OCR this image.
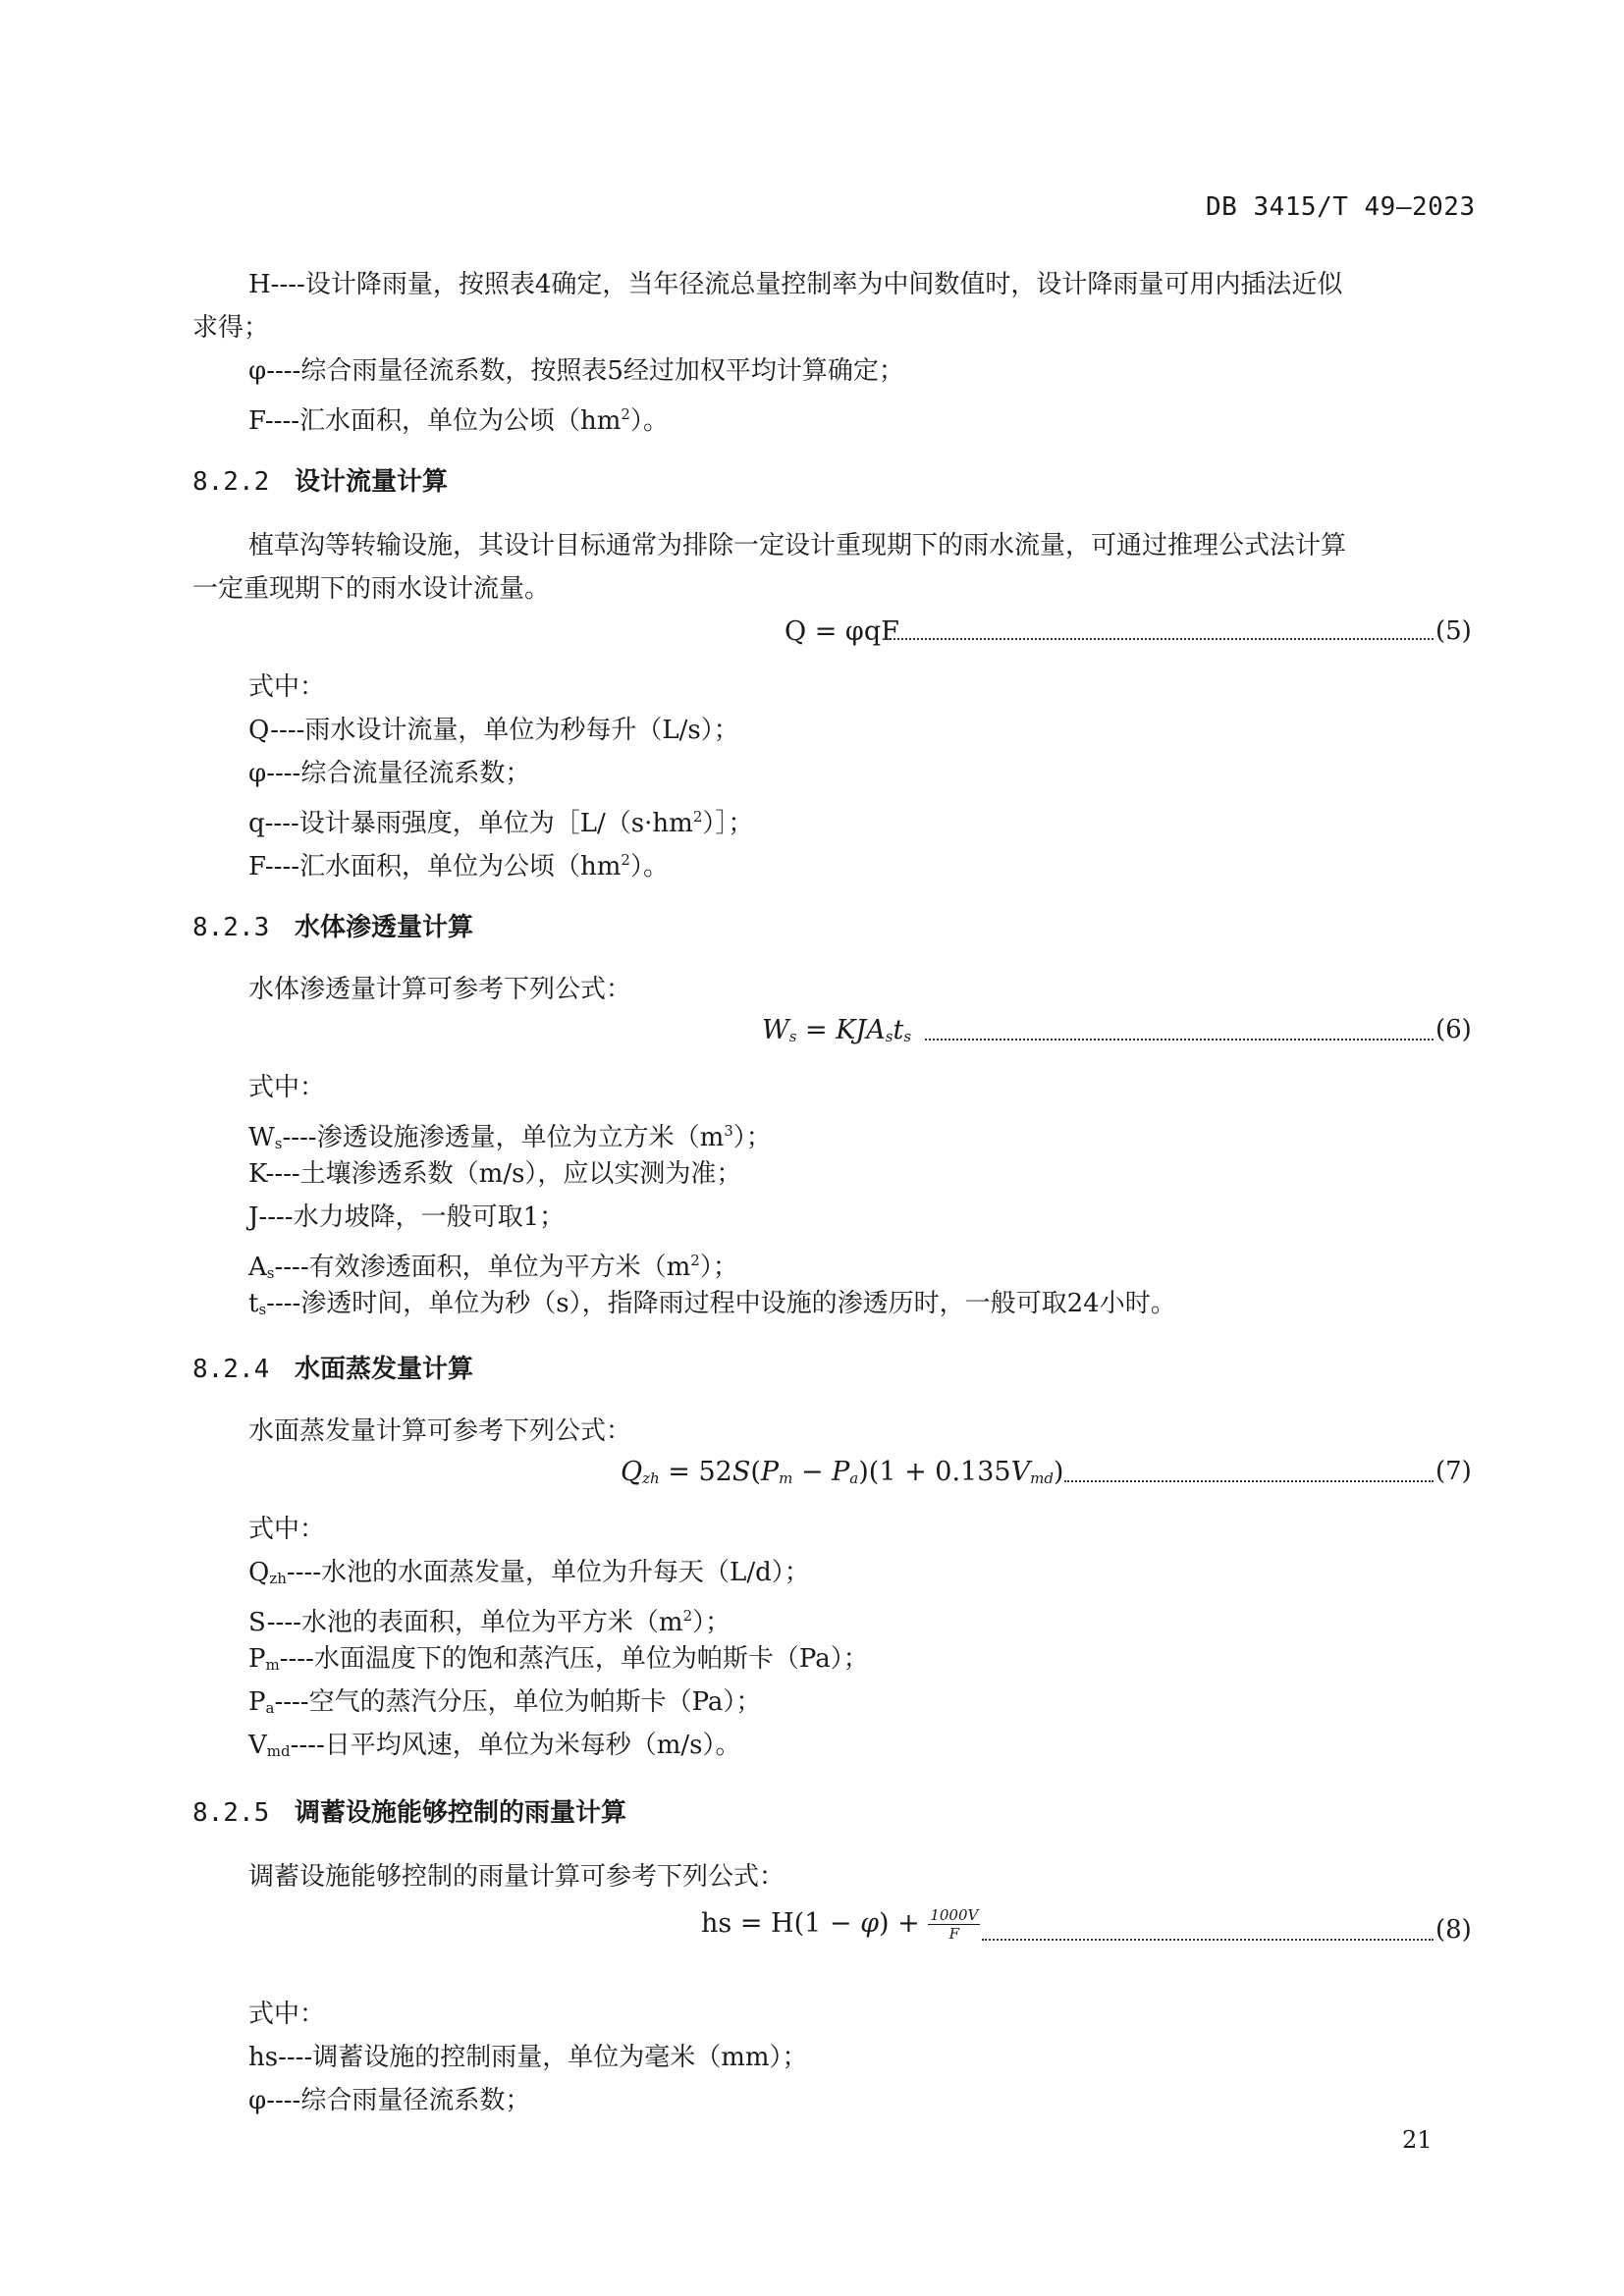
DB 3415/T 49—2023
H----设计降雨量，按照表4确定，当年径流总量控制率为中间数值时，设计降雨量可用内插法近似
求得；
φ----综合雨量径流系数，按照表5经过加权平均计算确定；
F----汇水面积，单位为公顷$(hm^2)$。
8.2.2 设计流量计算
植草沟等转输设施，其设计目标通常为排除一定设计重现期下的雨水流量，可通过推理公式法计算
一定重现期下的雨水设计流量。
Q = φqF	(5)
式中：
Q----雨水设计流量，单位为秒每升（L/s）；
φ----综合流量径流系数；
q----设计暴雨强度，单位为$[L/(s\cdot hm^2)]$；
F----汇水面积，单位为公顷$(hm^2)$。
8.2.3 水体渗透量计算
水体渗透量计算可参考下列公式：
$W_s = KJA_st_s$	(6)
式中：
$W_s----$渗透设施渗透量，单位为立方米$(m^3)$；
K----土壤渗透系数（m/s），应以实测为准；
J----水力坡降，一般可取1；
$A_s----$有效渗透面积，单位为平方米$(m^2)$；
$t_s----$渗透时间，单位为秒（s），指降雨过程中设施的渗透历时，一般可取24小时。
8.2.4 水面蒸发量计算
水面蒸发量计算可参考下列公式：
$Q_{zh} = 52S(P_m - P_a)(1 + 0.135V_{md})$	(7)
式中：
$Q_{zh}----$水池的水面蒸发量，单位为升每天（L/d）；
S----水池的表面积，单位为平方米$(m^2)$；
$P_m----$水面温度下的饱和蒸汽压，单位为帕斯卡（Pa）；
$P_a----$空气的蒸汽分压，单位为帕斯卡（Pa）；
$V_{md}----$日平均风速，单位为米每秒（m/s）。
8.2.5 调蓄设施能够控制的雨量计算
调蓄设施能够控制的雨量计算可参考下列公式：
hs = $H(1 - \varphi) + \frac{1000V}{F}$	(8)
式中：
hs----调蓄设施的控制雨量，单位为毫米（mm）；
φ----综合雨量径流系数；
21
